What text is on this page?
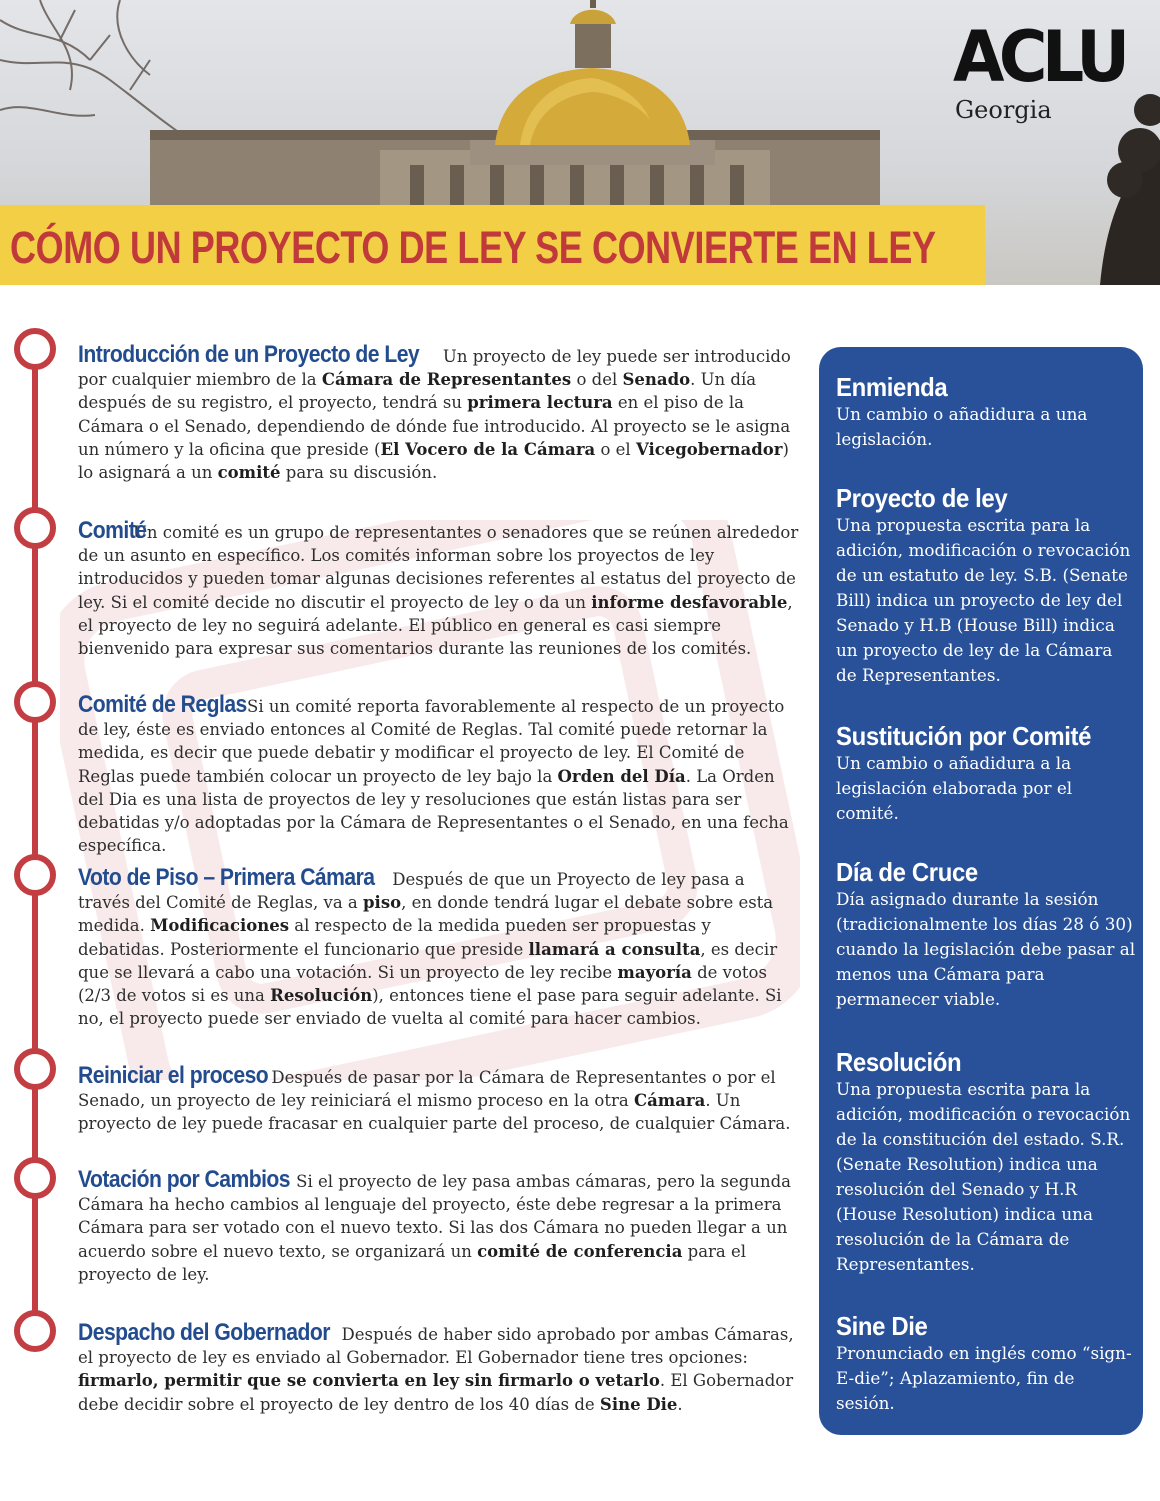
ACLU
Georgia
CÓMO UN PROYECTO DE LEY SE CONVIERTE EN LEY

Introducción de un Proyecto de Ley Un proyecto de ley puede ser introducido por cualquier miembro de la Cámara de Representantes o del Senado. Un día después de su registro, el proyecto, tendrá su primera lectura en el piso de la Cámara o el Senado, dependiendo de dónde fue introducido. Al proyecto se le asigna un número y la oficina que preside (El Vocero de la Cámara o el Vicegobernador) lo asignará a un comité para su discusión.

Comité Un comité es un grupo de representantes o senadores que se reúnen alrededor de un asunto en específico. Los comités informan sobre los proyectos de ley introducidos y pueden tomar algunas decisiones referentes al estatus del proyecto de ley. Si el comité decide no discutir el proyecto de ley o da un informe desfavorable, el proyecto de ley no seguirá adelante. El público en general es casi siempre bienvenido para expresar sus comentarios durante las reuniones de los comités.

Comité de Reglas Si un comité reporta favorablemente al respecto de un proyecto de ley, éste es enviado entonces al Comité de Reglas. Tal comité puede retornar la medida, es decir que puede debatir y modificar el proyecto de ley. El Comité de Reglas puede también colocar un proyecto de ley bajo la Orden del Día. La Orden del Dia es una lista de proyectos de ley y resoluciones que están listas para ser debatidas y/o adoptadas por la Cámara de Representantes o el Senado, en una fecha específica.

Voto de Piso – Primera Cámara Después de que un Proyecto de ley pasa a través del Comité de Reglas, va a piso, en donde tendrá lugar el debate sobre esta medida. Modificaciones al respecto de la medida pueden ser propuestas y debatidas. Posteriormente el funcionario que preside llamará a consulta, es decir que se llevará a cabo una votación. Si un proyecto de ley recibe mayoría de votos (2/3 de votos si es una Resolución), entonces tiene el pase para seguir adelante. Si no, el proyecto puede ser enviado de vuelta al comité para hacer cambios.

Reiniciar el proceso Después de pasar por la Cámara de Representantes o por el Senado, un proyecto de ley reiniciará el mismo proceso en la otra Cámara. Un proyecto de ley puede fracasar en cualquier parte del proceso, de cualquier Cámara.

Votación por Cambios Si el proyecto de ley pasa ambas cámaras, pero la segunda Cámara ha hecho cambios al lenguaje del proyecto, éste debe regresar a la primera Cámara para ser votado con el nuevo texto. Si las dos Cámara no pueden llegar a un acuerdo sobre el nuevo texto, se organizará un comité de conferencia para el proyecto de ley.

Despacho del Gobernador Después de haber sido aprobado por ambas Cámaras, el proyecto de ley es enviado al Gobernador. El Gobernador tiene tres opciones: firmarlo, permitir que se convierta en ley sin firmarlo o vetarlo. El Gobernador debe decidir sobre el proyecto de ley dentro de los 40 días de Sine Die.

Enmienda

Un cambio o añadidura a una legislación.

Proyecto de ley

Una propuesta escrita para la adición, modificación o revocación de un estatuto de ley. S.B. (Senate Bill) indica un proyecto de ley del Senado y H.B (House Bill) indica un proyecto de ley de la Cámara de Representantes.

Sustitución por Comité

Un cambio o añadidura a la legislación elaborada por el comité.

Día de Cruce

Día asignado durante la sesión (tradicionalmente los días 28 ó 30) cuando la legislación debe pasar al menos una Cámara para permanecer viable.

Resolución

Una propuesta escrita para la adición, modificación o revocación de la constitución del estado. S.R. (Senate Resolution) indica una resolución del Senado y H.R (House Resolution) indica una resolución de la Cámara de Representantes.

Sine Die

Pronunciado en inglés como “sign-E-die”; Aplazamiento, fin de sesión.
